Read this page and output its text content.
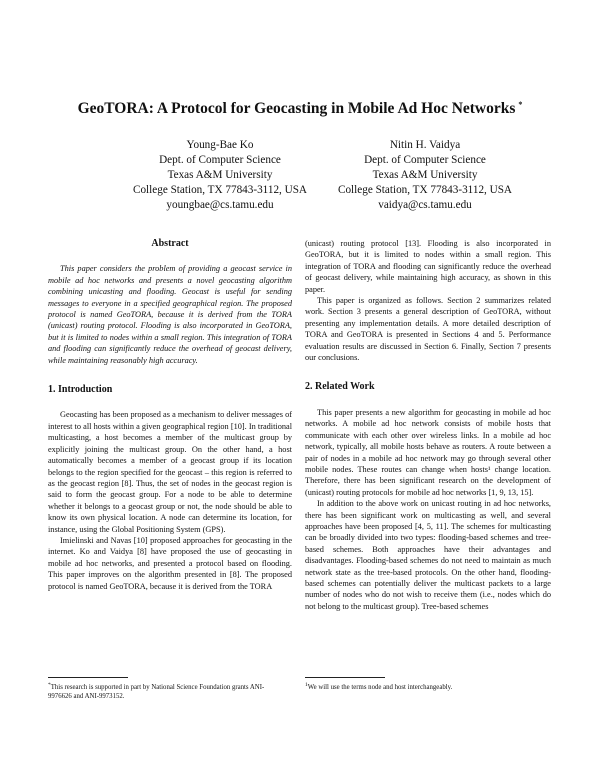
GeoTORA: A Protocol for Geocasting in Mobile Ad Hoc Networks *
Young-Bae Ko
Dept. of Computer Science
Texas A&M University
College Station, TX 77843-3112, USA
youngbae@cs.tamu.edu
Nitin H. Vaidya
Dept. of Computer Science
Texas A&M University
College Station, TX 77843-3112, USA
vaidya@cs.tamu.edu
Abstract

This paper considers the problem of providing a geocast service in mobile ad hoc networks and presents a novel geocasting algorithm combining unicasting and flooding. Geocast is useful for sending messages to everyone in a specified geographical region. The proposed protocol is named GeoTORA, because it is derived from the TORA (unicast) routing protocol. Flooding is also incorporated in GeoTORA, but it is limited to nodes within a small region. This integration of TORA and flooding can significantly reduce the overhead of geocast delivery, while maintaining reasonably high accuracy.

1. Introduction

Geocasting has been proposed as a mechanism to deliver messages of interest to all hosts within a given geographical region [10]. In traditional multicasting, a host becomes a member of the multicast group by explicitly joining the multicast group. On the other hand, a host automatically becomes a member of a geocast group if its location belongs to the region specified for the geocast – this region is referred to as the geocast region [8]. Thus, the set of nodes in the geocast region is said to form the geocast group. For a node to be able to determine whether it belongs to a geocast group or not, the node should be able to know its own physical location. A node can determine its location, for instance, using the Global Positioning System (GPS).

Imielinski and Navas [10] proposed approaches for geocasting in the internet. Ko and Vaidya [8] have proposed the use of geocasting in mobile ad hoc networks, and presented a protocol based on flooding. This paper improves on the algorithm presented in [8]. The proposed protocol is named GeoTORA, because it is derived from the TORA

(unicast) routing protocol [13]. Flooding is also incorporated in GeoTORA, but it is limited to nodes within a small region. This integration of TORA and flooding can significantly reduce the overhead of geocast delivery, while maintaining high accuracy, as shown in this paper.

This paper is organized as follows. Section 2 summarizes related work. Section 3 presents a general description of GeoTORA, without presenting any implementation details. A more detailed description of TORA and GeoTORA is presented in Sections 4 and 5. Performance evaluation results are discussed in Section 6. Finally, Section 7 presents our conclusions.

2. Related Work

This paper presents a new algorithm for geocasting in mobile ad hoc networks. A mobile ad hoc network consists of mobile hosts that communicate with each other over wireless links. In a mobile ad hoc network, typically, all mobile hosts behave as routers. A route between a pair of nodes in a mobile ad hoc network may go through several other mobile nodes. These routes can change when hosts¹ change location. Therefore, there has been significant research on the development of (unicast) routing protocols for mobile ad hoc networks [1, 9, 13, 15].

In addition to the above work on unicast routing in ad hoc networks, there has been significant work on multicasting as well, and several approaches have been proposed [4, 5, 11]. The schemes for multicasting can be broadly divided into two types: flooding-based schemes and tree-based schemes. Both approaches have their advantages and disadvantages. Flooding-based schemes do not need to maintain as much network state as the tree-based protocols. On the other hand, flooding-based schemes can potentially deliver the multicast packets to a large number of nodes who do not wish to receive them (i.e., nodes which do not belong to the multicast group). Tree-based schemes

*This research is supported in part by National Science Foundation grants ANI-9976626 and ANI-9973152.
$^1$We will use the terms node and host interchangeably.
